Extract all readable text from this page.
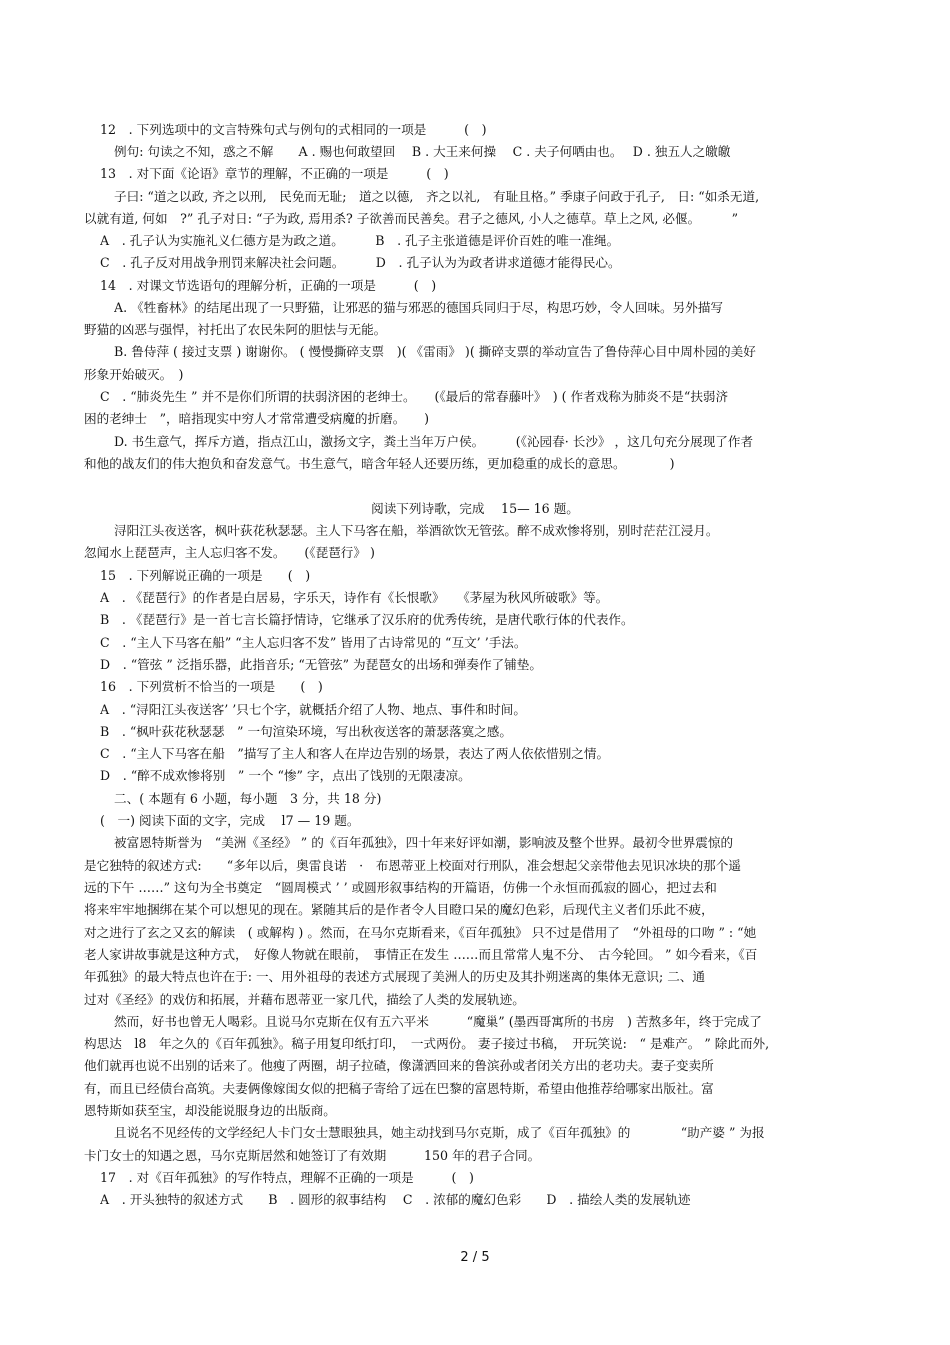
12　. 下列选项中的文言特殊句式与例句的式相同的一项是　　　(　)
例句: 句读之不知，惑之不解　　A . 赐也何敢望回　 B . 大王来何操　 C . 夫子何哂由也。　 D . 独五人之皦皦
13　. 对下面《论语》章节的理解，不正确的一项是　　　(　)
子曰: “道之以政, 齐之以刑,　民免而无耻;　道之以德,　齐之以礼,　有耻且格。” 季康子问政于孔子,　日: “如杀无道,
以就有道, 何如　?” 孔子对日: “子为政, 焉用杀? 子欲善而民善矣。君子之德风, 小人之德草。草上之风, 必偃。　　　”
A　. 孔子认为实施礼义仁德方是为政之道。　　　B　. 孔子主张道德是评价百姓的唯一准绳。
C　. 孔子反对用战争刑罚来解决社会问题。　　　D　. 孔子认为为政者讲求道德才能得民心。
14　. 对课文节选语句的理解分析，正确的一项是　　　(　)
A. 《牲畜林》的结尾出现了一只野猫，让邪恶的猫与邪恶的德国兵同归于尽，构思巧妙，令人回味。另外描写
野猫的凶恶与强悍，衬托出了农民朱阿的胆怯与无能。
B. 鲁侍萍 ( 接过支票 ) 谢谢你。 ( 慢慢撕碎支票　)( 《雷雨》 )( 撕碎支票的举动宣告了鲁侍萍心目中周朴园的美好
形象开始破灭。　)
C　. “肺炎先生 ” 并不是你们所谓的扶弱济困的老绅士。　　(《最后的常春藤叶》　) ( 作者戏称为肺炎不是“扶弱济
困的老绅士　”，暗指现实中穷人才常常遭受病魔的折磨。　　)
D. 书生意气，挥斥方遒，指点江山，激扬文字，粪土当年万户侯。　　　(《沁园春· 长沙》 ，这几句充分展现了作者
和他的战友们的伟大抱负和奋发意气。书生意气，暗含年轻人还要历练，更加稳重的成长的意思。　　　　)
阅读下列诗歌，完成　 15— 16 题。
浔阳江头夜送客，枫叶荻花秋瑟瑟。主人下马客在船，举酒欲饮无管弦。醉不成欢惨将别，别时茫茫江浸月。
忽闻水上琵琶声，主人忘归客不发。　　(《琵琶行》 )
15　. 下列解说正确的一项是　　(　)
A　. 《琵琶行》的作者是白居易，字乐天，诗作有《长恨歌》　　《茅屋为秋风所破歌》等。
B　. 《琵琶行》是一首七言长篇抒情诗，它继承了汉乐府的优秀传统，是唐代歌行体的代表作。
C　. “主人下马客在船” “主人忘归客不发” 皆用了古诗常见的 “互文’ ’手法。
D　. “管弦 ” 泛指乐器，此指音乐; “无管弦” 为琵琶女的出场和弹奏作了铺垫。
16　. 下列赏析不恰当的一项是　　(　)
A　. “浔阳江头夜送客’ ’只七个字，就概括介绍了人物、地点、事件和时间。
B　. “枫叶荻花秋瑟瑟　” 一句渲染环境，写出秋夜送客的萧瑟落寞之感。
C　. “主人下马客在船　”描写了主人和客人在岸边告别的场景，表达了两人依依惜别之情。
D　. “醉不成欢惨将别　” 一个 “惨” 字，点出了饯别的无限凄凉。
二、( 本题有 6 小题，每小题　3 分，共 18 分)
(　一) 阅读下面的文字，完成　 l7 — 19 题。
被富恩特斯誉为　“美洲《圣经》 ” 的《百年孤独》，四十年来好评如潮，影响波及整个世界。最初令世界震惊的
是它独特的叙述方式:　　“多年以后，奥雷良诺　·　布恩蒂亚上校面对行刑队，准会想起父亲带他去见识冰块的那个遥
远的下午 ……” 这句为全书奠定　“圆周模式 ’ ’ 或圆形叙事结构的开篇语，仿佛一个永恒而孤寂的圆心，把过去和
将来牢牢地捆绑在某个可以想见的现在。紧随其后的是作者令人目瞪口呆的魔幻色彩，后现代主义者们乐此不疲，
对之进行了玄之又玄的解读　( 或解构 ) 。然而，在马尔克斯看来，《百年孤独》 只不过是借用了　“外祖母的口吻 ” : “她
老人家讲故事就是这种方式，　好像人物就在眼前，　事情正在发生 ……而且常常人鬼不分、　古今轮回。 ” 如今看来，《百
年孤独》的最大特点也许在于: 一、用外祖母的表述方式展现了美洲人的历史及其扑朔迷离的集体无意识; 二、通
过对《圣经》的戏仿和拓展，并藉布恩蒂亚一家几代，描绘了人类的发展轨迹。
然而，好书也曾无人喝彩。且说马尔克斯在仅有五六平米　　　“魔巢” (墨西哥寓所的书房　) 苦熬多年，终于完成了
构思达　l8　年之久的《百年孤独》。稿子用复印纸打印，　一式两份。 妻子接过书稿，　开玩笑说:　“ 是难产。 ” 除此而外,
他们就再也说不出别的话来了。他瘦了两圈，胡子拉碴，像潇洒回来的鲁滨孙或者闭关方出的老功夫。妻子变卖所
有，而且已经债台高筑。夫妻俩像嫁闺女似的把稿子寄给了远在巴黎的富恩特斯，希望由他推荐给哪家出版社。富
恩特斯如获至宝，却没能说服身边的出版商。
且说名不见经传的文学经纪人卡门女士慧眼独具，她主动找到马尔克斯，成了《百年孤独》的　　　　“助产婆 ” 为报
卡门女士的知遇之恩，马尔克斯居然和她签订了有效期　　　150 年的君子合同。
17　. 对《百年孤独》的写作特点，理解不正确的一项是　　　(　)
A　. 开头独特的叙述方式　　B　. 圆形的叙事结构　 C　. 浓郁的魔幻色彩　　D　. 描绘人类的发展轨迹
2 / 5
